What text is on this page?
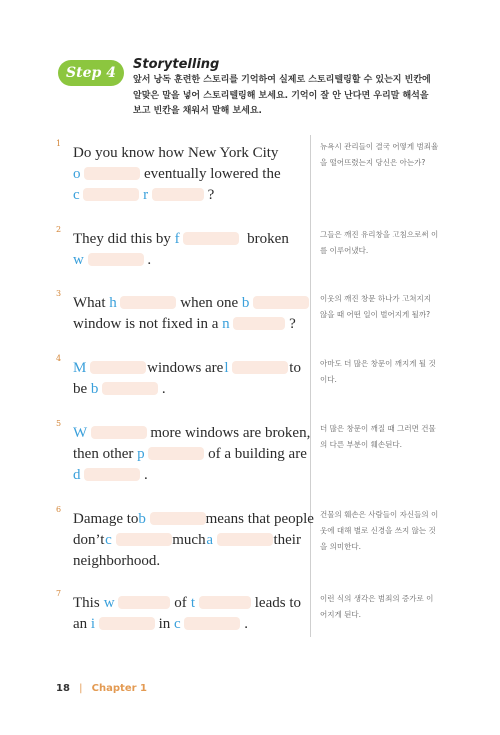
Step 4
Storytelling
앞서 낭독 훈련한 스토리를 기억하여 실제로 스토리텔링할 수 있는지 빈칸에 알맞은 말을 넣어 스토리텔링해 보세요. 기억이 잘 안 난다면 우리말 해석을 보고 빈칸을 채워서 말해 보세요.
1
Do you know how New York City
o	eventually lowered the
c	r	?
뉴욕시 관리들이 결국 어떻게 범죄율을 떨어뜨렸는지 당신은 아는가?
2
They did this by f	broken
w	.
그들은 깨진 유리창을 고침으로써 이를 이루어냈다.
3
What h	when one b
window is not fixed in a n	?
이웃의 깨진 창문 하나가 고쳐지지 않을 때 어떤 일이 벌어지게 될까?
4
M	windows are l	to
be b	.
아마도 더 많은 창문이 깨지게 될 것이다.
5
W	more windows are broken,
then other p	of a building are
d	.
더 많은 창문이 깨질 때 그러면 건물의 다른 부분이 훼손된다.
6
Damage to b	means that people
don’t c	much a	their
neighborhood.
건물의 훼손은 사람들이 자신들의 이웃에 대해 별로 신경을 쓰지 않는 것을 의미한다.
7
This w	of t	leads to
an i	in c	.
이런 식의 생각은 범죄의 증가로 이어지게 된다.
18 | Chapter 1
